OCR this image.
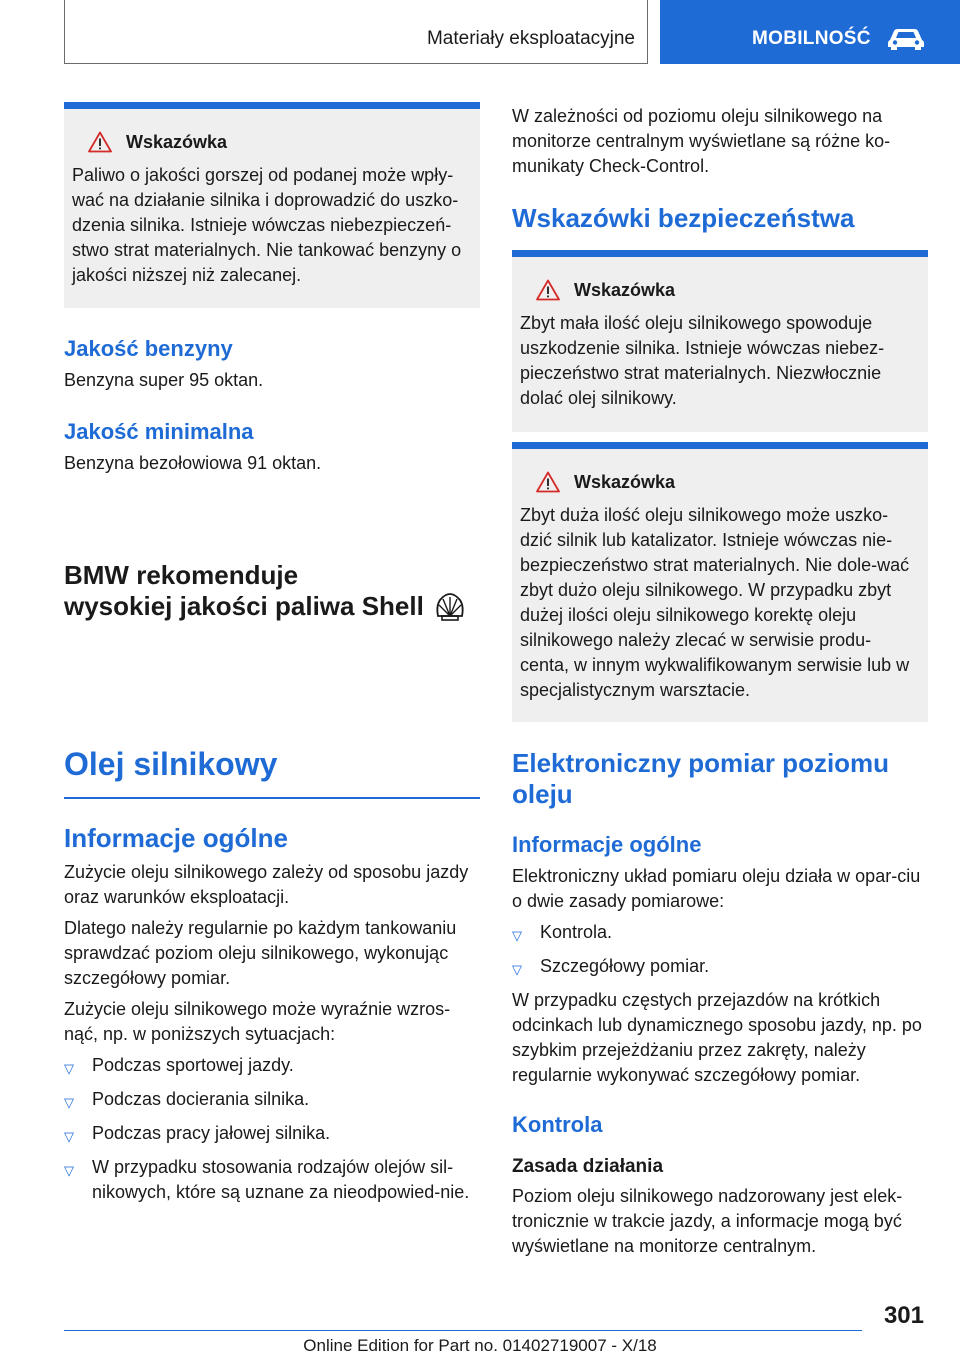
Materiały eksploatacyjne	MOBILNOŚĆ
Wskazówka
Paliwo o jakości gorszej od podanej może wpły-wać na działanie silnika i doprowadzić do uszko-dzenia silnika. Istnieje wówczas niebezpieczeń-stwo strat materialnych. Nie tankować benzyny o jakości niższej niż zalecanej.
Jakość benzyny

Benzyna super 95 oktan.

Jakość minimalna

Benzyna bezołowiowa 91 oktan.

BMW rekomenduje
wysokiej jakości paliwa Shell
Olej silnikowy
Informacje ogólne

Zużycie oleju silnikowego zależy od sposobu jazdy oraz warunków eksploatacji.

Dlatego należy regularnie po każdym tankowaniu sprawdzać poziom oleju silnikowego, wykonując szczegółowy pomiar.

Zużycie oleju silnikowego może wyraźnie wzros-nąć, np. w poniższych sytuacjach:

▽	Podczas sportowej jazdy.
▽	Podczas docierania silnika.
▽	Podczas pracy jałowej silnika.
▽	W przypadku stosowania rodzajów olejów sil-nikowych, które są uznane za nieodpowied-nie.

W zależności od poziomu oleju silnikowego na monitorze centralnym wyświetlane są różne ko-munikaty Check-Control.

Wskazówki bezpieczeństwa
Wskazówka
Zbyt mała ilość oleju silnikowego spowoduje uszkodzenie silnika. Istnieje wówczas niebez-pieczeństwo strat materialnych. Niezwłocznie dolać olej silnikowy.
Wskazówka
Zbyt duża ilość oleju silnikowego może uszko-dzić silnik lub katalizator. Istnieje wówczas nie-bezpieczeństwo strat materialnych. Nie dole-wać zbyt dużo oleju silnikowego. W przypadku zbyt dużej ilości oleju silnikowego korektę oleju silnikowego należy zlecać w serwisie produ-centa, w innym wykwalifikowanym serwisie lub w specjalistycznym warsztacie.
Elektroniczny pomiar poziomu oleju
Informacje ogólne

Elektroniczny układ pomiaru oleju działa w opar-ciu o dwie zasady pomiarowe:

▽	Kontrola.
▽	Szczegółowy pomiar.

W przypadku częstych przejazdów na krótkich odcinkach lub dynamicznego sposobu jazdy, np. po szybkim przejeżdżaniu przez zakręty, należy regularnie wykonywać szczegółowy pomiar.

Kontrola
Zasada działania

Poziom oleju silnikowego nadzorowany jest elek-tronicznie w trakcie jazdy, a informacje mogą być wyświetlane na monitorze centralnym.

301
Online Edition for Part no. 01402719007 - X/18
